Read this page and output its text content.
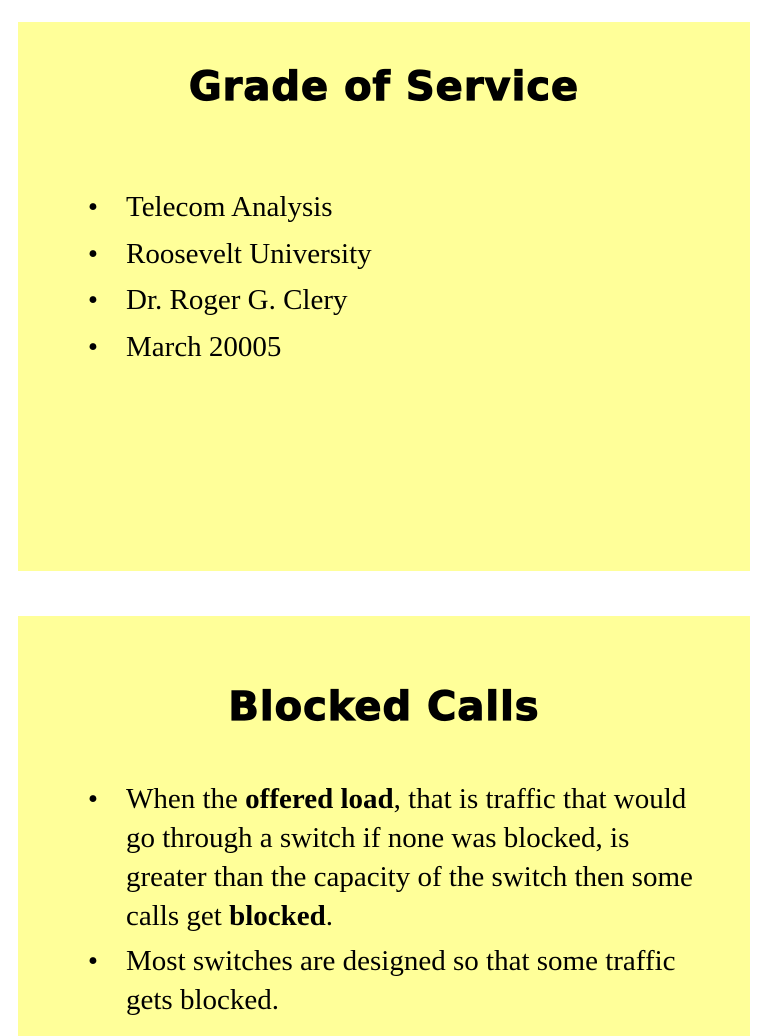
Grade of Service
• Telecom Analysis
• Roosevelt University
• Dr. Roger G. Clery
• March 20005
Blocked Calls
• When the offered load, that is traffic that would go through a switch if none was blocked, is greater than the capacity of the switch then some calls get blocked.
• Most switches are designed so that some traffic gets blocked.
